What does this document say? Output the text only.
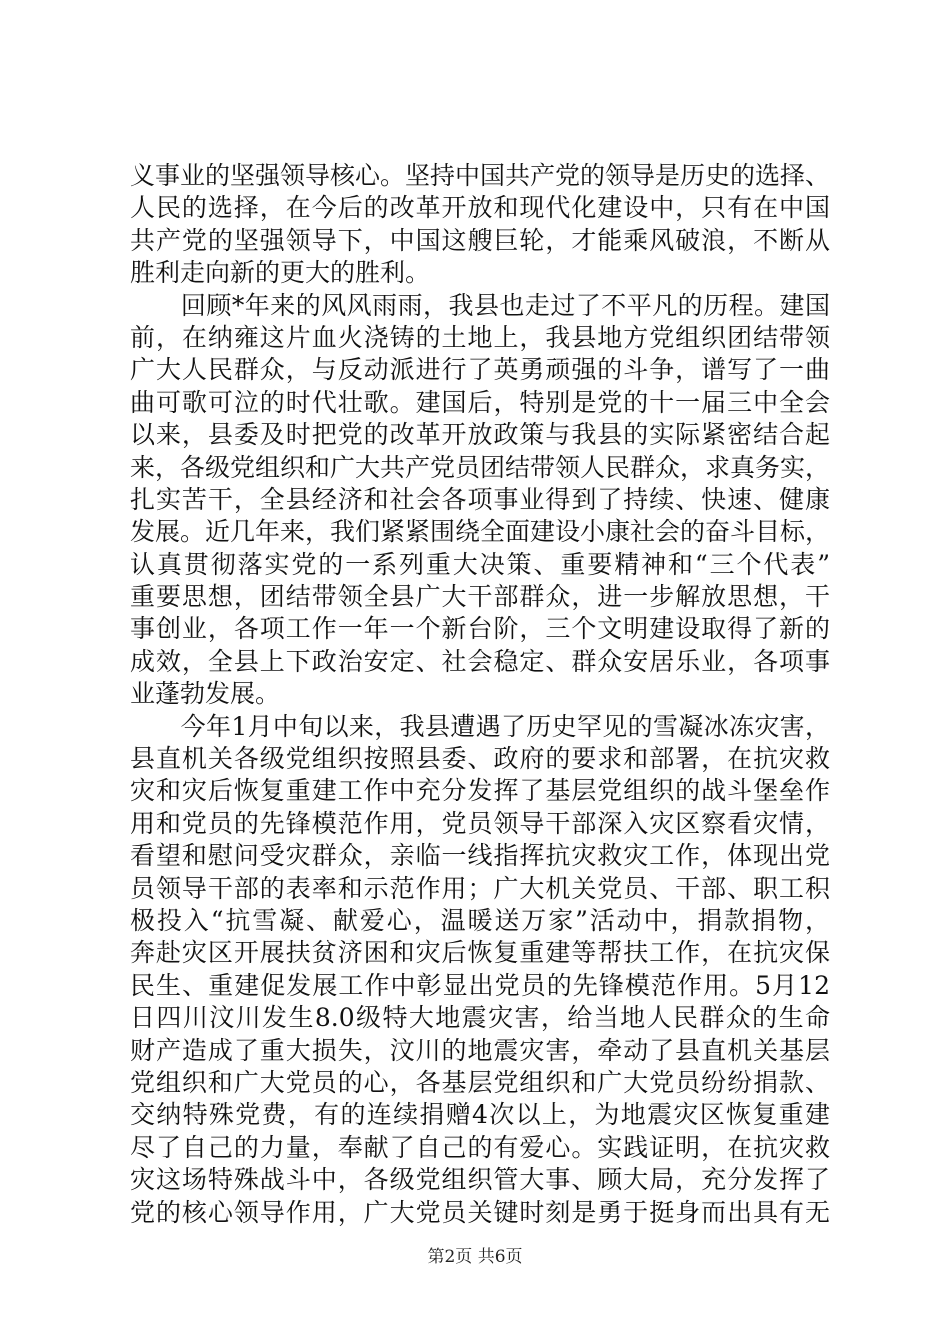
义事业的坚强领导核心。坚持中国共产党的领导是历史的选择、
人民的选择，在今后的改革开放和现代化建设中，只有在中国
共产党的坚强领导下，中国这艘巨轮，才能乘风破浪，不断从
胜利走向新的更大的胜利。
　　回顾*年来的风风雨雨，我县也走过了不平凡的历程。建国
前，在纳雍这片血火浇铸的土地上，我县地方党组织团结带领
广大人民群众，与反动派进行了英勇顽强的斗争，谱写了一曲
曲可歌可泣的时代壮歌。建国后，特别是党的十一届三中全会
以来，县委及时把党的改革开放政策与我县的实际紧密结合起
来，各级党组织和广大共产党员团结带领人民群众，求真务实，
扎实苦干，全县经济和社会各项事业得到了持续、快速、健康
发展。近几年来，我们紧紧围绕全面建设小康社会的奋斗目标，
认真贯彻落实党的一系列重大决策、重要精神和“三个代表”
重要思想，团结带领全县广大干部群众，进一步解放思想，干
事创业，各项工作一年一个新台阶，三个文明建设取得了新的
成效，全县上下政治安定、社会稳定、群众安居乐业，各项事
业蓬勃发展。
　　今年1月中旬以来，我县遭遇了历史罕见的雪凝冰冻灾害，
县直机关各级党组织按照县委、政府的要求和部署，在抗灾救
灾和灾后恢复重建工作中充分发挥了基层党组织的战斗堡垒作
用和党员的先锋模范作用，党员领导干部深入灾区察看灾情，
看望和慰问受灾群众，亲临一线指挥抗灾救灾工作，体现出党
员领导干部的表率和示范作用；广大机关党员、干部、职工积
极投入“抗雪凝、献爱心，温暖送万家”活动中，捐款捐物，
奔赴灾区开展扶贫济困和灾后恢复重建等帮扶工作，在抗灾保
民生、重建促发展工作中彰显出党员的先锋模范作用。5月12
日四川汶川发生8.0级特大地震灾害，给当地人民群众的生命
财产造成了重大损失，汶川的地震灾害，牵动了县直机关基层
党组织和广大党员的心，各基层党组织和广大党员纷纷捐款、
交纳特殊党费，有的连续捐赠4次以上，为地震灾区恢复重建
尽了自己的力量，奉献了自己的有爱心。实践证明，在抗灾救
灾这场特殊战斗中，各级党组织管大事、顾大局，充分发挥了
党的核心领导作用，广大党员关键时刻是勇于挺身而出具有无
第2页 共6页
